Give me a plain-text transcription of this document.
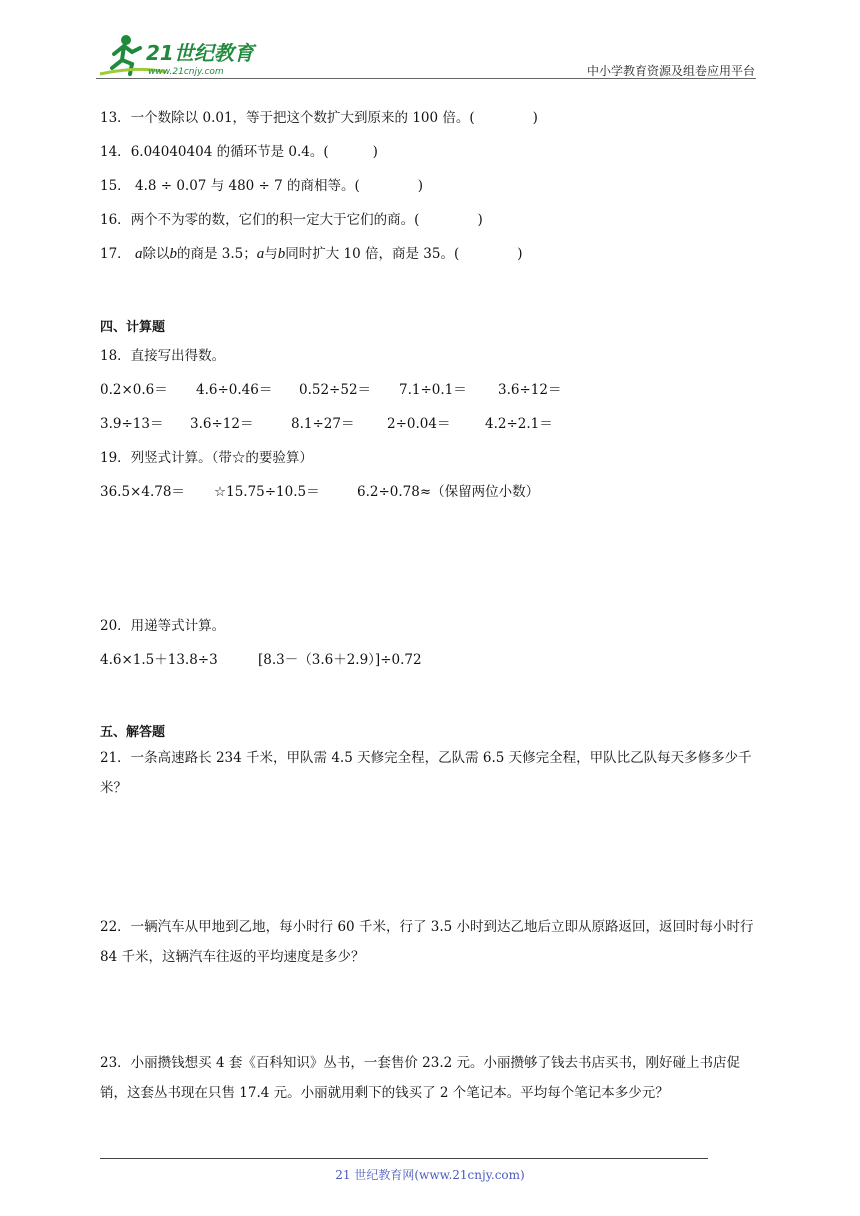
21世纪教育
www.21cnjy.com	中小学教育资源及组卷应用平台
13．一个数除以 0.01，等于把这个数扩大到原来的 100 倍。(	)
14．6.04040404 的循环节是 0.4。(	)
15． 4.8 ÷ 0.07 与 480 ÷ 7 的商相等。(	)
16．两个不为零的数，它们的积一定大于它们的商。(	)
17． a除以b的商是 3.5；a与b同时扩大 10 倍，商是 35。(	)
四、计算题
18．直接写出得数。
0.2×0.6＝ 4.6÷0.46＝ 0.52÷52＝ 7.1÷0.1＝ 3.6÷12＝
3.9÷13＝ 3.6÷12＝	8.1÷27＝ 2÷0.04＝	4.2÷2.1＝
19．列竖式计算。（带☆的要验算）
36.5×4.78＝ ☆15.75÷10.5＝	6.2÷0.78≈（保留两位小数）
20．用递等式计算。
4.6×1.5＋13.8÷3	[8.3－（3.6＋2.9）]÷0.72
五、解答题
21．一条高速路长 234 千米，甲队需 4.5 天修完全程，乙队需 6.5 天修完全程，甲队比乙队每天多修多少千米？
22．一辆汽车从甲地到乙地，每小时行 60 千米，行了 3.5 小时到达乙地后立即从原路返回，返回时每小时行 84 千米，这辆汽车往返的平均速度是多少？
23．小丽攒钱想买 4 套《百科知识》丛书，一套售价 23.2 元。小丽攒够了钱去书店买书，刚好碰上书店促销，这套丛书现在只售 17.4 元。小丽就用剩下的钱买了 2 个笔记本。平均每个笔记本多少元？
21 世纪教育网(www.21cnjy.com)
